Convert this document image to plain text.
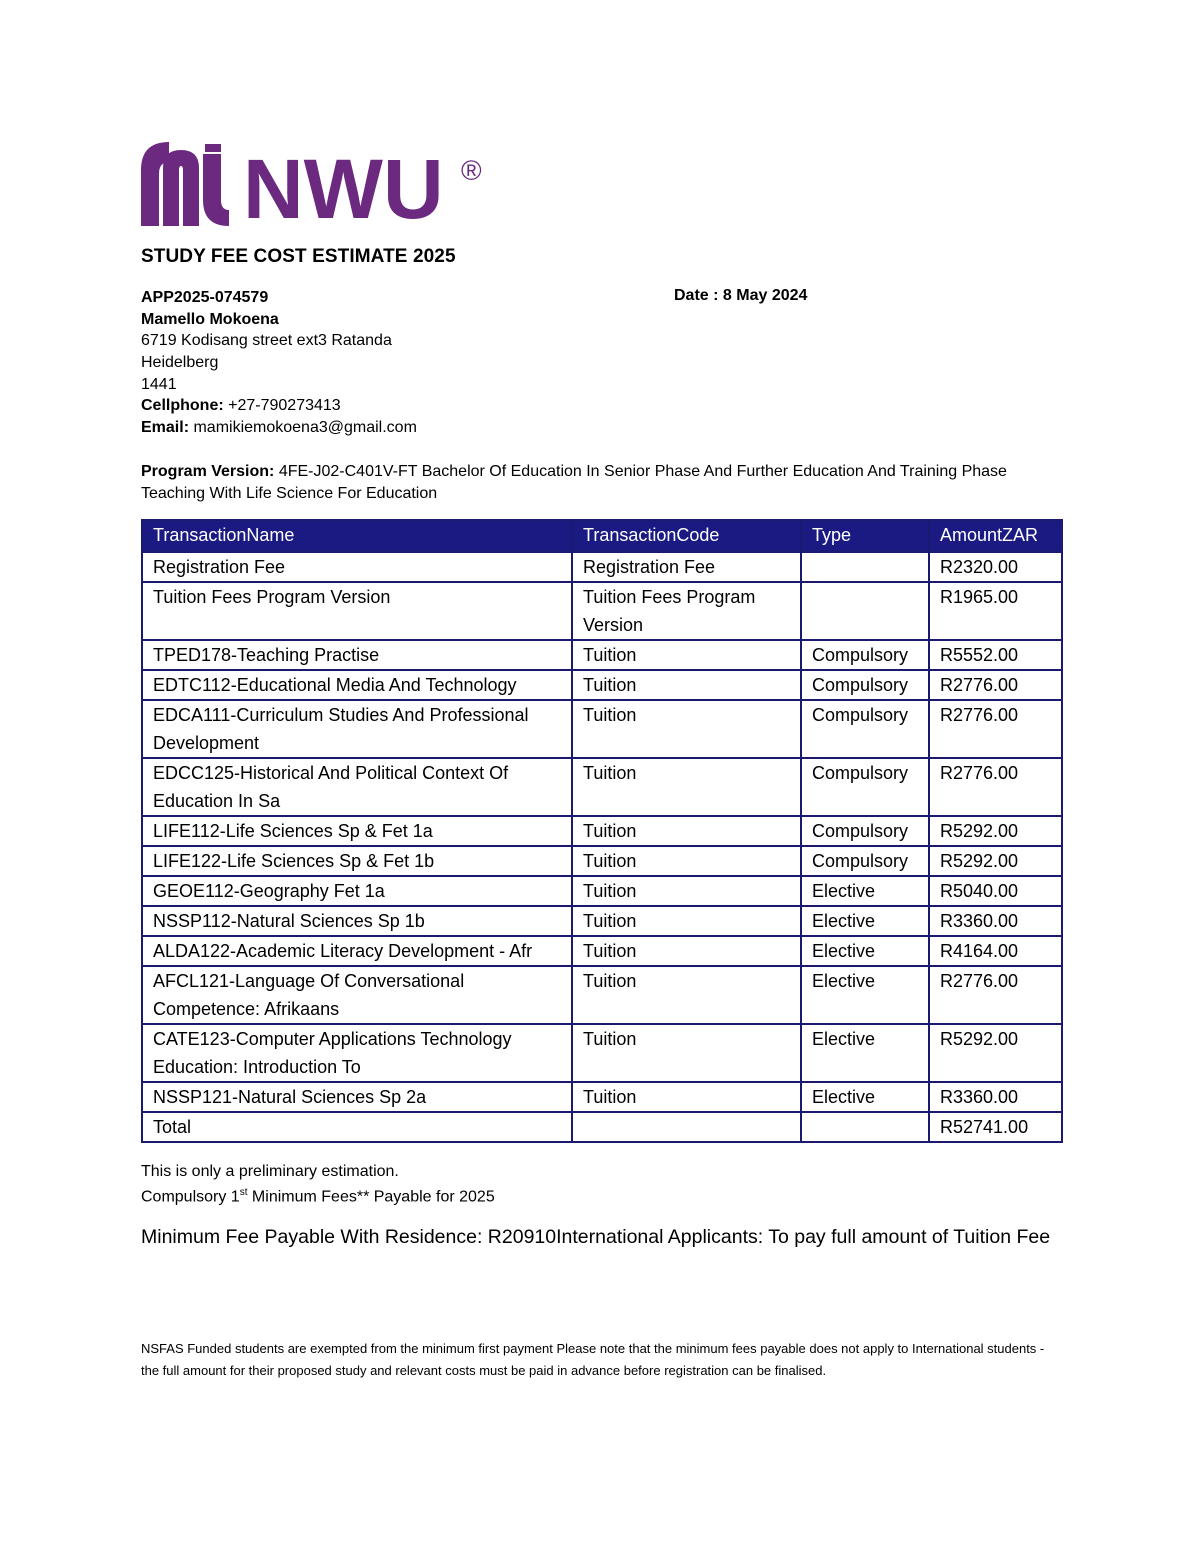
NWU ®
STUDY FEE COST ESTIMATE 2025
APP2025-074579
Mamello Mokoena
6719 Kodisang street ext3 Ratanda
Heidelberg
1441
Cellphone: +27-790273413
Email: mamikiemokoena3@gmail.com
Date : 8 May 2024
Program Version: 4FE-J02-C401V-FT Bachelor Of Education In Senior Phase And Further Education And Training Phase Teaching With Life Science For Education
TransactionName	TransactionCode	Type	AmountZAR
Registration Fee	Registration Fee		R2320.00
Tuition Fees Program Version	Tuition Fees Program Version		R1965.00
TPED178-Teaching Practise	Tuition	Compulsory	R5552.00
EDTC112-Educational Media And Technology	Tuition	Compulsory	R2776.00
EDCA111-Curriculum Studies And Professional Development	Tuition	Compulsory	R2776.00
EDCC125-Historical And Political Context Of Education In Sa	Tuition	Compulsory	R2776.00
LIFE112-Life Sciences Sp & Fet 1a	Tuition	Compulsory	R5292.00
LIFE122-Life Sciences Sp & Fet 1b	Tuition	Compulsory	R5292.00
GEOE112-Geography Fet 1a	Tuition	Elective	R5040.00
NSSP112-Natural Sciences Sp 1b	Tuition	Elective	R3360.00
ALDA122-Academic Literacy Development - Afr	Tuition	Elective	R4164.00
AFCL121-Language Of Conversational Competence: Afrikaans	Tuition	Elective	R2776.00
CATE123-Computer Applications Technology Education: Introduction To	Tuition	Elective	R5292.00
NSSP121-Natural Sciences Sp 2a	Tuition	Elective	R3360.00
Total			R52741.00
This is only a preliminary estimation.
Compulsory 1st Minimum Fees** Payable for 2025
Minimum Fee Payable With Residence: R20910International Applicants: To pay full amount of Tuition Fee
NSFAS Funded students are exempted from the minimum first payment Please note that the minimum fees payable does not apply to International students - the full amount for their proposed study and relevant costs must be paid in advance before registration can be finalised.
